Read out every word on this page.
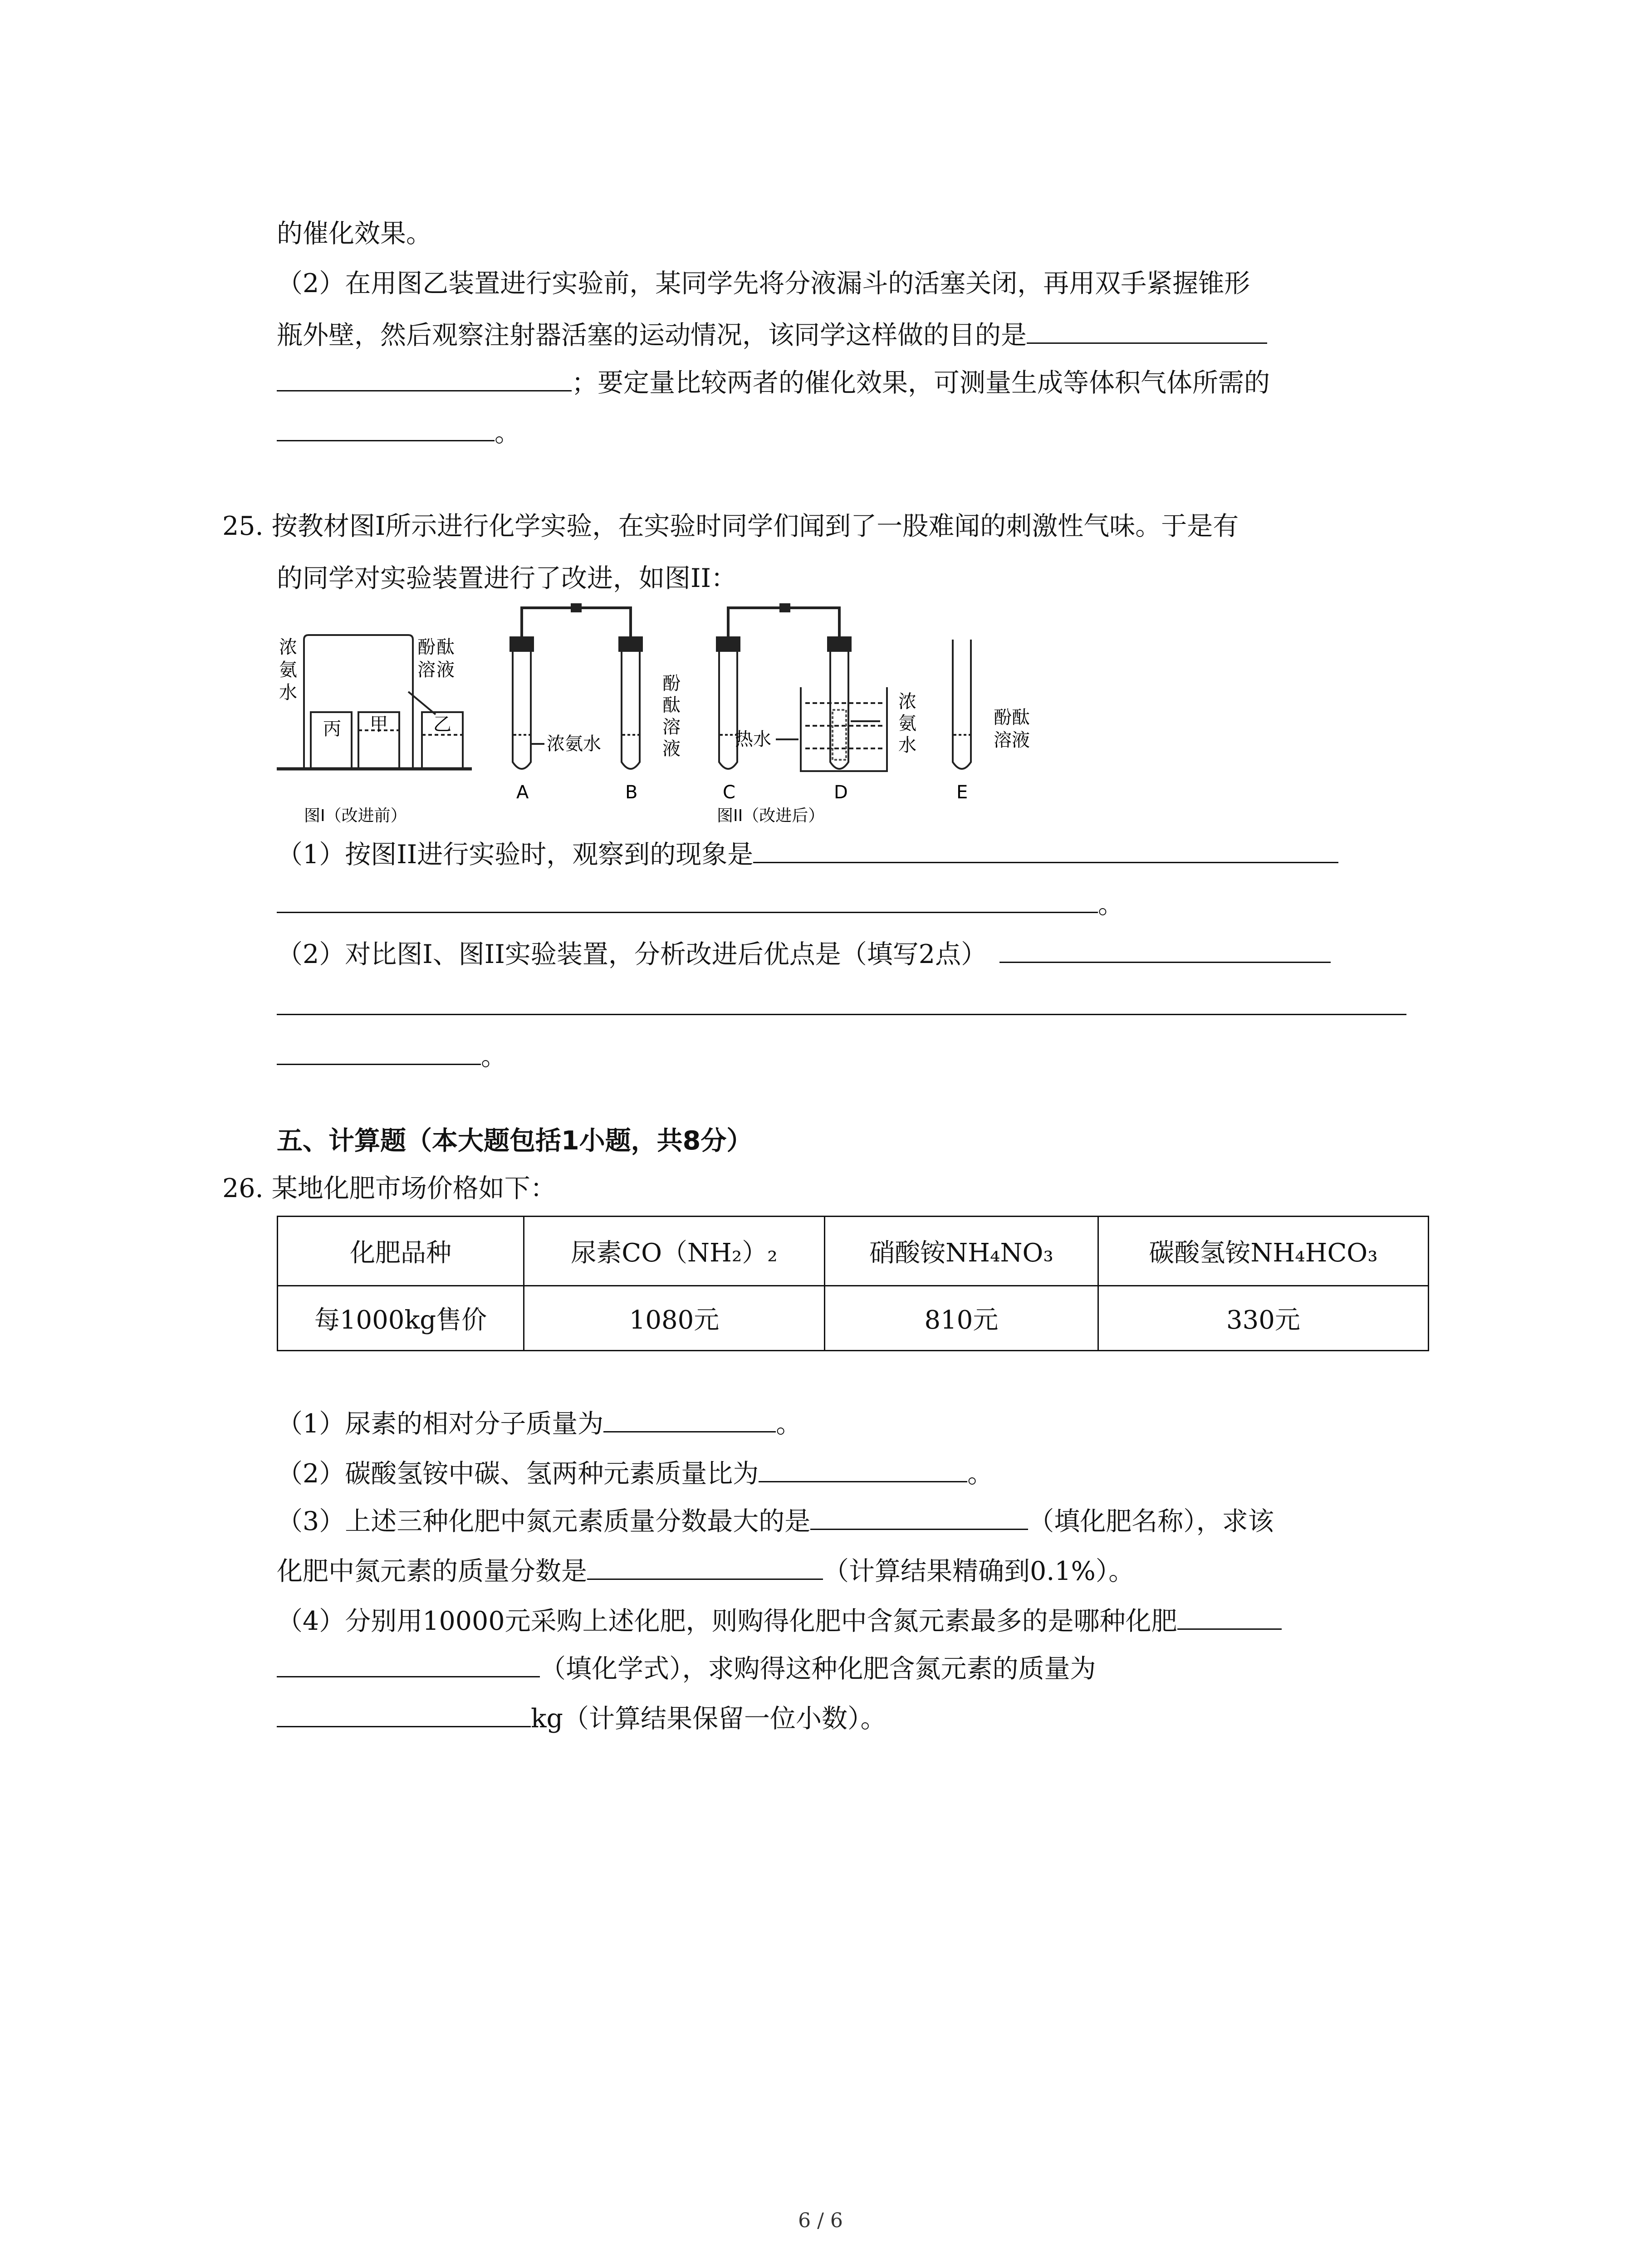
的催化效果。
（2）在用图乙装置进行实验前，某同学先将分液漏斗的活塞关闭，再用双手紧握锥形
瓶外壁，然后观察注射器活塞的运动情况，该同学这样做的目的是
；要定量比较两者的催化效果，可测量生成等体积气体所需的
。
25. 按教材图I所示进行化学实验，在实验时同学们闻到了一股难闻的刺激性气味。于是有
的同学对实验装置进行了改进，如图II：
浓
氨
水
酚 酞
溶 液
丙 甲	乙
浓氨水
酚
酞
溶
液	热水
浓
氨
水
酚酞
溶液
A	B	C	D	E
图I（改进前）	图II（改进后）
（1）按图II进行实验时，观察到的现象是
。
（2）对比图I、图II实验装置，分析改进后优点是（填写2点）
。
五、计算题（本大题包括1小题，共8分）
26. 某地化肥市场价格如下：
化肥品种	尿素CO（NH₂）₂	硝酸铵NH₄NO₃	碳酸氢铵NH₄HCO₃
每1000kg售价	1080元	810元	330元
（1）尿素的相对分子质量为	。
（2）碳酸氢铵中碳、氢两种元素质量比为	。
（3）上述三种化肥中氮元素质量分数最大的是	（填化肥名称），求该
化肥中氮元素的质量分数是	（计算结果精确到0.1%）。
（4）分别用10000元采购上述化肥，则购得化肥中含氮元素最多的是哪种化肥
（填化学式），求购得这种化肥含氮元素的质量为
kg（计算结果保留一位小数）。
6 / 6
